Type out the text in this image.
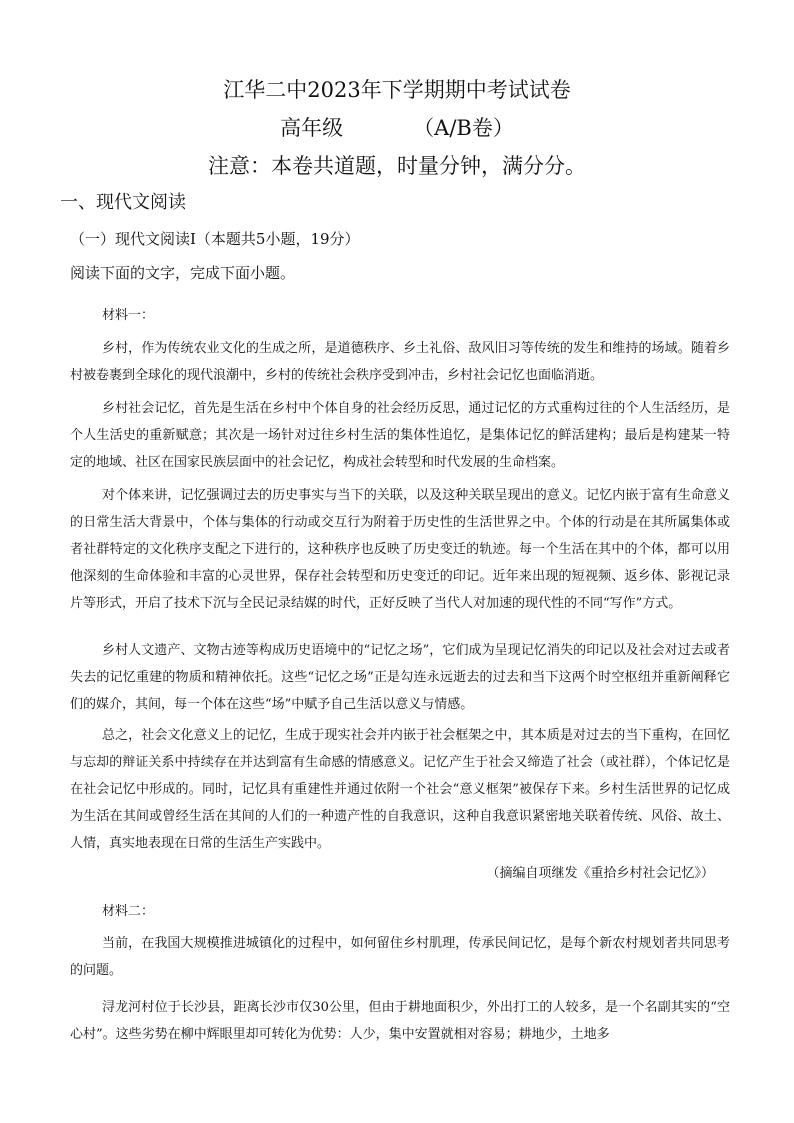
江华二中2023年下学期期中考试试卷
高年级	（A/B卷）
注意：本卷共道题，时量分钟，满分分。
一、现代文阅读
（一）现代文阅读Ⅰ（本题共5小题，19分）
阅读下面的文字，完成下面小题。
材料一：
乡村，作为传统农业文化的生成之所，是道德秩序、乡土礼俗、敌风旧习等传统的发生和维持的场域。随着乡村被卷裹到全球化的现代浪潮中，乡村的传统社会秩序受到冲击，乡村社会记忆也面临消逝。
乡村社会记忆，首先是生活在乡村中个体自身的社会经历反思，通过记忆的方式重构过往的个人生活经历，是个人生活史的重新赋意；其次是一场针对过往乡村生活的集体性追忆，是集体记忆的鲜活建构；最后是构建某一特定的地域、社区在国家民族层面中的社会记忆，构成社会转型和时代发展的生命档案。
对个体来讲，记忆强调过去的历史事实与当下的关联，以及这种关联呈现出的意义。记忆内嵌于富有生命意义的日常生活大背景中，个体与集体的行动或交互行为附着于历史性的生活世界之中。个体的行动是在其所属集体或者社群特定的文化秩序支配之下进行的，这种秩序也反映了历史变迁的轨迹。每一个生活在其中的个体，都可以用他深刻的生命体验和丰富的心灵世界，保存社会转型和历史变迁的印记。近年来出现的短视频、返乡体、影视记录片等形式，开启了技术下沉与全民记录结媒的时代，正好反映了当代人对加速的现代性的不同“写作”方式。
乡村人文遗产、文物古迹等构成历史语境中的“记忆之场”，它们成为呈现记忆消失的印记以及社会对过去或者失去的记忆重建的物质和精神依托。这些“记忆之场”正是勾连永远逝去的过去和当下这两个时空枢纽并重新阐释它们的媒介，其间，每一个体在这些“场”中赋予自己生活以意义与情感。
总之，社会文化意义上的记忆，生成于现实社会并内嵌于社会框架之中，其本质是对过去的当下重构，在回忆与忘却的辩证关系中持续存在并达到富有生命感的情感意义。记忆产生于社会又缔造了社会（或社群），个体记忆是在社会记忆中形成的。同时，记忆具有重建性并通过依附一个社会“意义框架”被保存下来。乡村生活世界的记忆成为生活在其间或曾经生活在其间的人们的一种遗产性的自我意识，这种自我意识紧密地关联着传统、风俗、故土、人情，真实地表现在日常的生活生产实践中。
（摘编自项继发《重拾乡村社会记忆》）
材料二：
当前，在我国大规模推进城镇化的过程中，如何留住乡村肌理，传承民间记忆，是每个新农村规划者共同思考的问题。
浔龙河村位于长沙县，距离长沙市仅30公里，但由于耕地面积少，外出打工的人较多，是一个名副其实的“空心村”。这些劣势在柳中辉眼里却可转化为优势：人少，集中安置就相对容易；耕地少，土地多
